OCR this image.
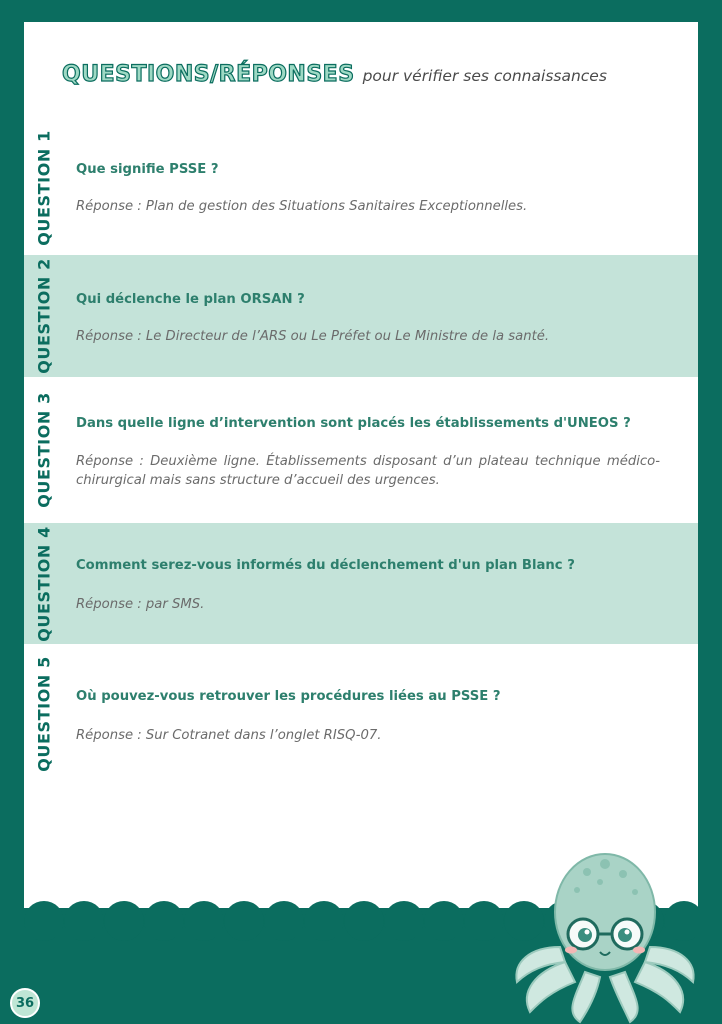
QUESTIONS/RÉPONSES pour vérifier ses connaissances
QUESTION 1 Que signifie PSSE ?
Réponse : Plan de gestion des Situations Sanitaires Exceptionnelles.
QUESTION 2 Qui déclenche le plan ORSAN ?
Réponse : Le Directeur de l’ARS ou Le Préfet ou Le Ministre de la santé.
QUESTION 3 Dans quelle ligne d’intervention sont placés les établissements d'UNEOS ?
Réponse : Deuxième ligne. Établissements disposant d’un plateau technique médico-chirurgical mais sans structure d’accueil des urgences.
QUESTION 4 Comment serez-vous informés du déclenchement d'un plan Blanc ?
Réponse : par SMS.
QUESTION 5 Où pouvez-vous retrouver les procédures liées au PSSE ?
Réponse : Sur Cotranet dans l’onglet RISQ-07.
36
